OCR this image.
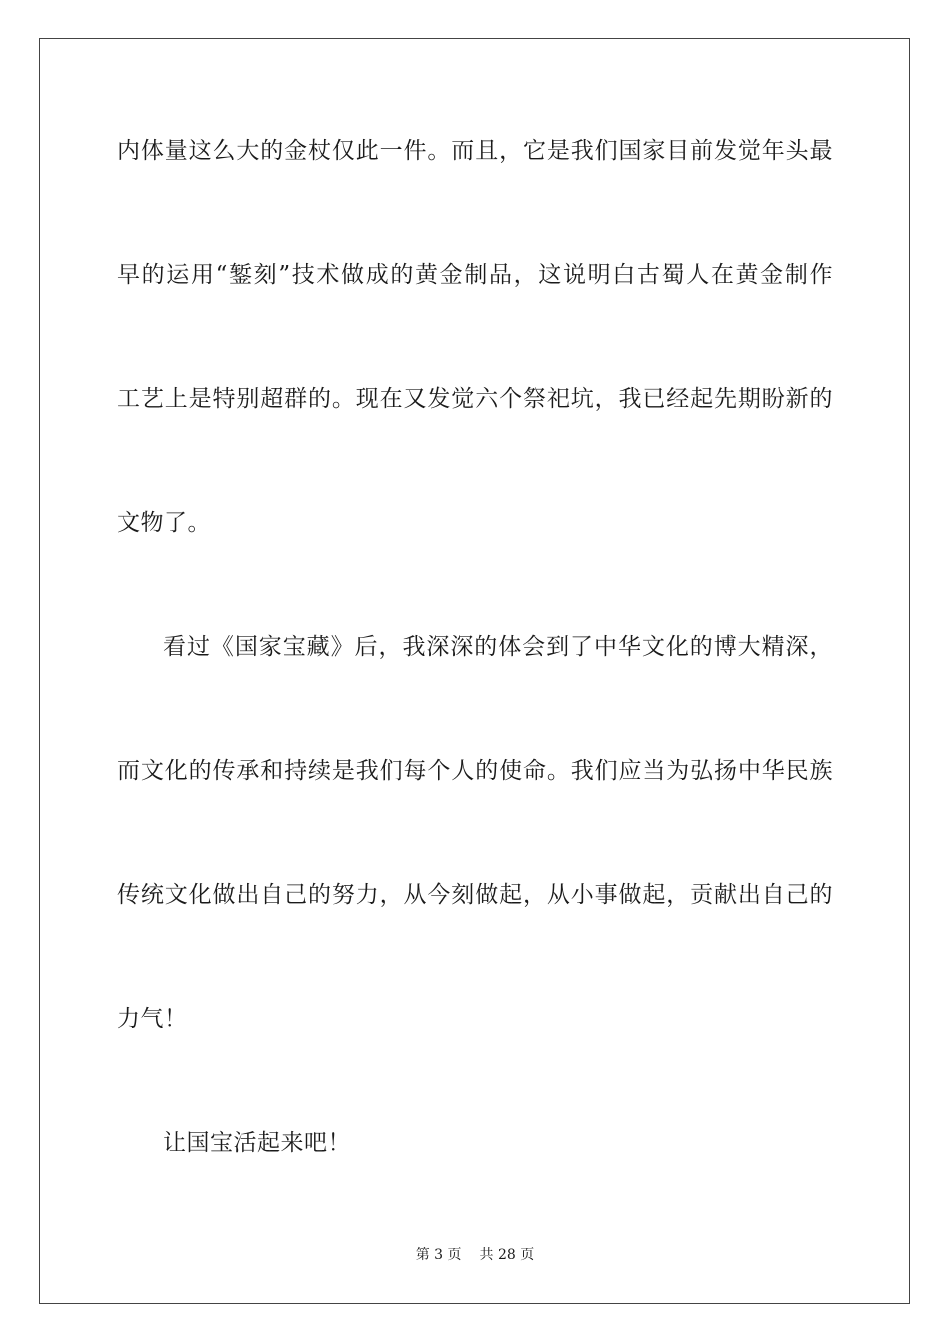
内体量这么大的金杖仅此一件。而且，它是我们国家目前发觉年头最
早的运用“錾刻”技术做成的黄金制品，这说明白古蜀人在黄金制作
工艺上是特别超群的。现在又发觉六个祭祀坑，我已经起先期盼新的
文物了。
看过《国家宝藏》后，我深深的体会到了中华文化的博大精深，
而文化的传承和持续是我们每个人的使命。我们应当为弘扬中华民族
传统文化做出自己的努力，从今刻做起，从小事做起，贡献出自己的
力气！
让国宝活起来吧！
第 3 页 共 28 页
